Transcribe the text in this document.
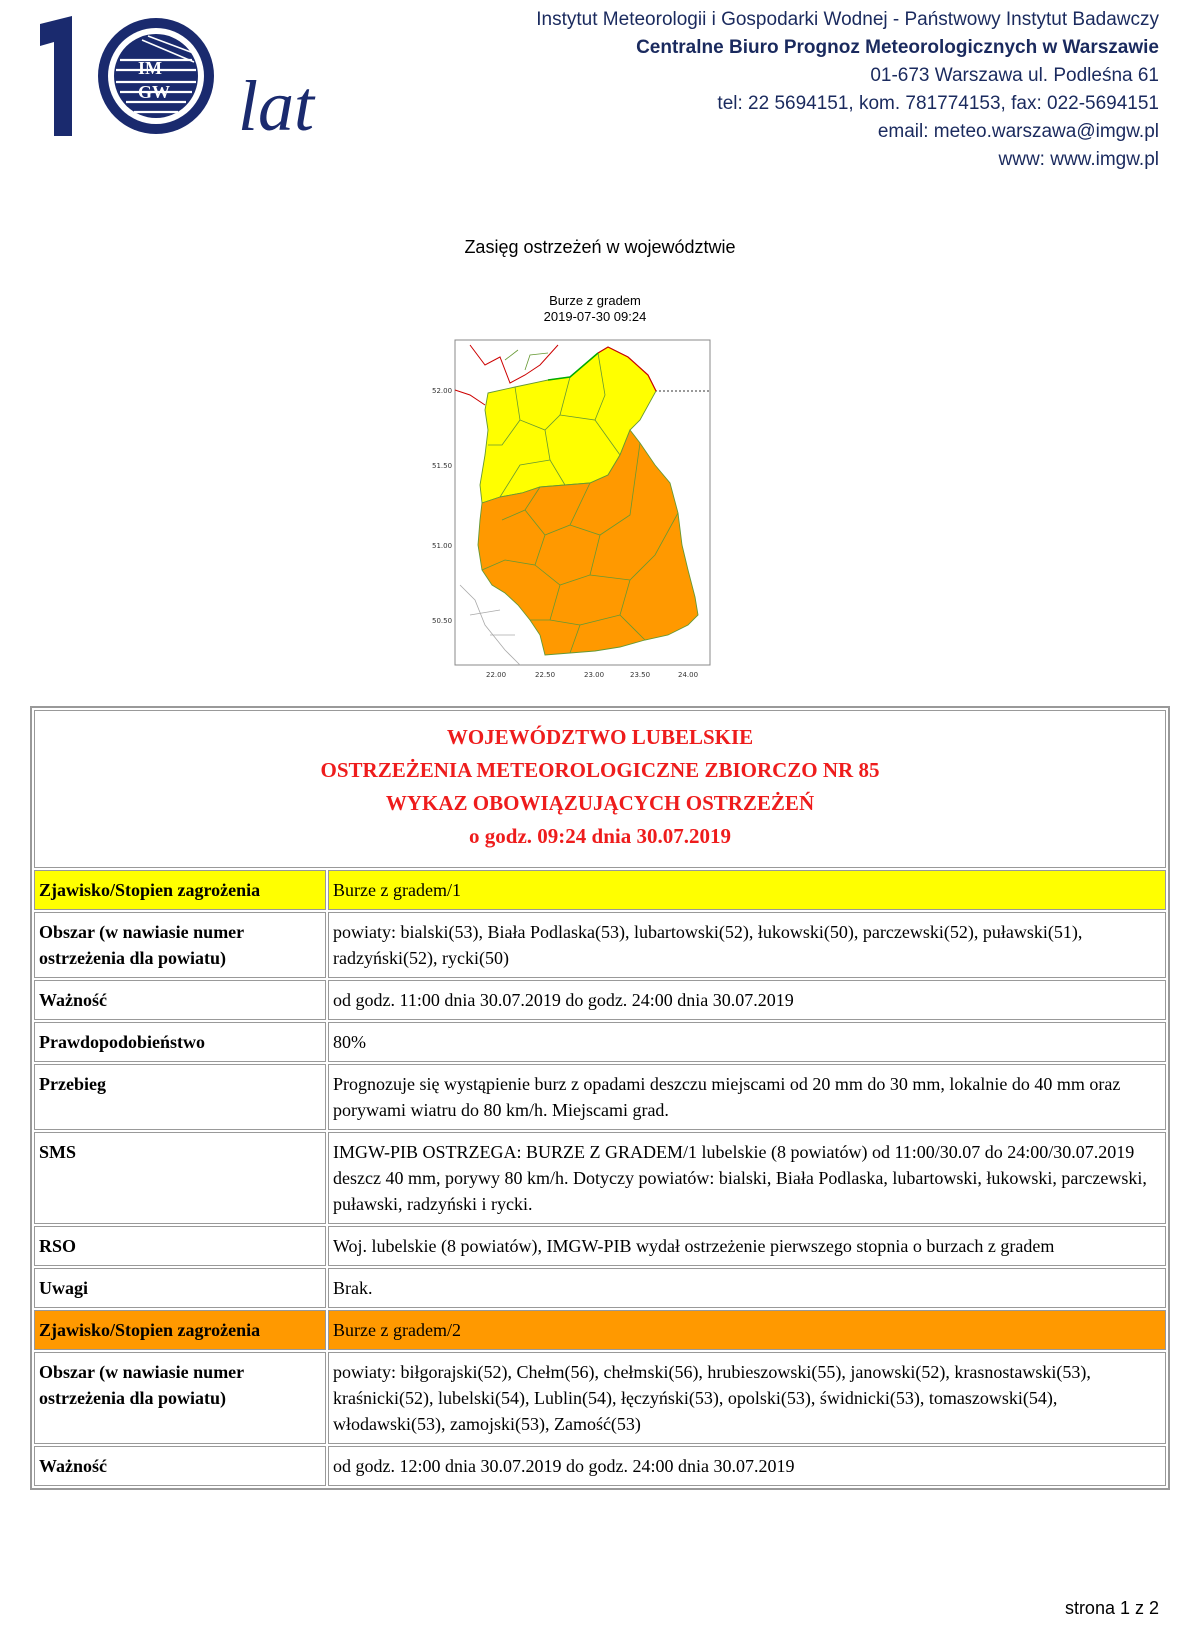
IM
GW lat
Instytut Meteorologii i Gospodarki Wodnej - Państwowy Instytut Badawczy
Centralne Biuro Prognoz Meteorologicznych w Warszawie
01-673 Warszawa ul. Podleśna 61
tel: 22 5694151, kom. 781774153, fax: 022-5694151
email: meteo.warszawa@imgw.pl
www: www.imgw.pl
Zasięg ostrzeżeń w województwie
Burze z gradem
2019-07-30 09:24
52.00
51.50
51.00
50.50
22.00	22.50	23.00	23.50	24.00
WOJEWÓDZTWO LUBELSKIE
OSTRZEŻENIA METEOROLOGICZNE ZBIORCZO NR 85
WYKAZ OBOWIĄZUJĄCYCH OSTRZEŻEŃ
o godz. 09:24 dnia 30.07.2019	

Zjawisko/Stopien zagrożenia	Burze z gradem/1
Obszar (w nawiasie numer ostrzeżenia dla powiatu)	powiaty: bialski(53), Biała Podlaska(53), lubartowski(52), łukowski(50), parczewski(52), puławski(51), radzyński(52), rycki(50)
Ważność	od godz. 11:00 dnia 30.07.2019 do godz. 24:00 dnia 30.07.2019
Prawdopodobieństwo	80%
Przebieg	Prognozuje się wystąpienie burz z opadami deszczu miejscami od 20 mm do 30 mm, lokalnie do 40 mm oraz porywami wiatru do 80 km/h. Miejscami grad.
SMS	IMGW-PIB OSTRZEGA: BURZE Z GRADEM/1 lubelskie (8 powiatów) od 11:00/30.07 do 24:00/30.07.2019 deszcz 40 mm, porywy 80 km/h. Dotyczy powiatów: bialski, Biała Podlaska, lubartowski, łukowski, parczewski, puławski, radzyński i rycki.
RSO	Woj. lubelskie (8 powiatów), IMGW-PIB wydał ostrzeżenie pierwszego stopnia o burzach z gradem
Uwagi	Brak.
Zjawisko/Stopien zagrożenia	Burze z gradem/2
Obszar (w nawiasie numer ostrzeżenia dla powiatu)	powiaty: biłgorajski(52), Chełm(56), chełmski(56), hrubieszowski(55), janowski(52), krasnostawski(53), kraśnicki(52), lubelski(54), Lublin(54), łęczyński(53), opolski(53), świdnicki(53), tomaszowski(54), włodawski(53), zamojski(53), Zamość(53)
Ważność	od godz. 12:00 dnia 30.07.2019 do godz. 24:00 dnia 30.07.2019
strona 1 z 2
